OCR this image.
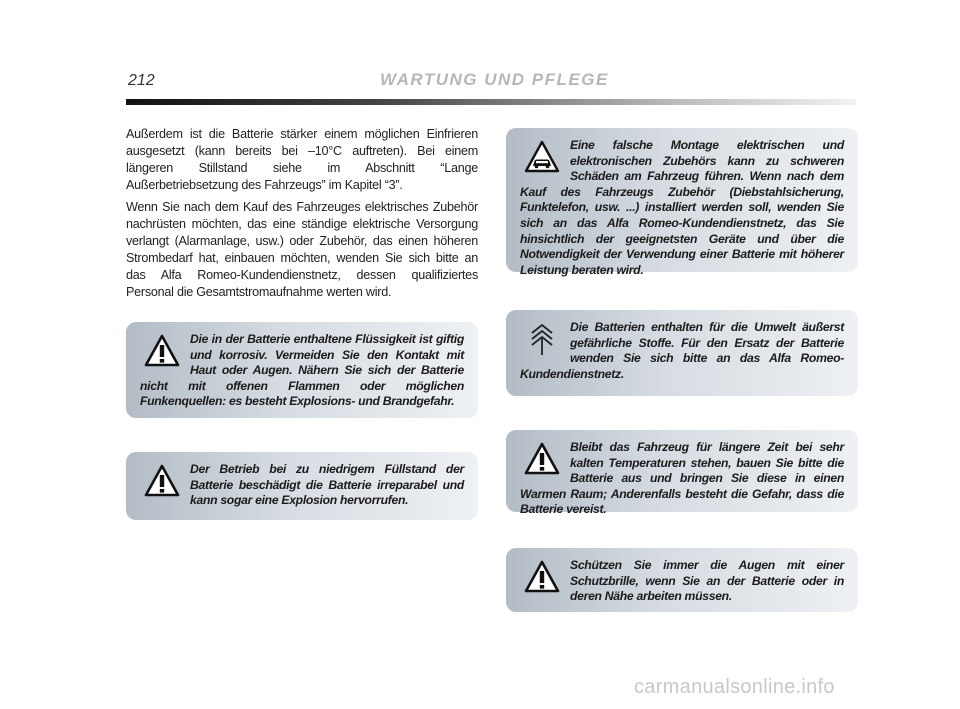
212	WARTUNG UND PFLEGE

Außerdem ist die Batterie stärker einem möglichen Einfrieren ausgesetzt (kann bereits bei –10°C auftreten). Bei einem längeren Stillstand siehe im Abschnitt “Lange Außerbetriebsetzung des Fahrzeugs” im Kapitel “3”.

Wenn Sie nach dem Kauf des Fahrzeuges elektrisches Zubehör nachrüsten möchten, das eine ständige elektrische Versorgung verlangt (Alarmanlage, usw.) oder Zubehör, das einen höheren Strombedarf hat, einbauen möchten, wenden Sie sich bitte an das Alfa Romeo-Kundendienstnetz, dessen qualifiziertes Personal die Gesamtstromaufnahme werten wird.

Die in der Batterie enthaltene Flüssigkeit ist giftig und korrosiv. Vermeiden Sie den Kontakt mit Haut oder Augen. Nähern Sie sich der Batterie nicht mit offenen Flammen oder möglichen Funkenquellen: es besteht Explosions- und Brandgefahr.
Der Betrieb bei zu niedrigem Füllstand der Batterie beschädigt die Batterie irreparabel und kann sogar eine Explosion hervorrufen.
Eine falsche Montage elektrischen und elektronischen Zubehörs kann zu schweren Schäden am Fahrzeug führen. Wenn nach dem Kauf des Fahrzeugs Zubehör (Diebstahlsicherung, Funktelefon, usw. ...) installiert werden soll, wenden Sie sich an das Alfa Romeo-Kundendienstnetz, das Sie hinsichtlich der geeignetsten Geräte und über die Notwendigkeit der Verwendung einer Batterie mit höherer Leistung beraten wird.
Die Batterien enthalten für die Umwelt äußerst gefährliche Stoffe. Für den Ersatz der Batterie wenden Sie sich bitte an das Alfa Romeo-Kundendienstnetz.
Bleibt das Fahrzeug für längere Zeit bei sehr kalten Temperaturen stehen, bauen Sie bitte die Batterie aus und bringen Sie diese in einen Warmen Raum; Anderenfalls besteht die Gefahr, dass die Batterie vereist.
Schützen Sie immer die Augen mit einer Schutzbrille, wenn Sie an der Batterie oder in deren Nähe arbeiten müssen.
carmanualsonline.info
